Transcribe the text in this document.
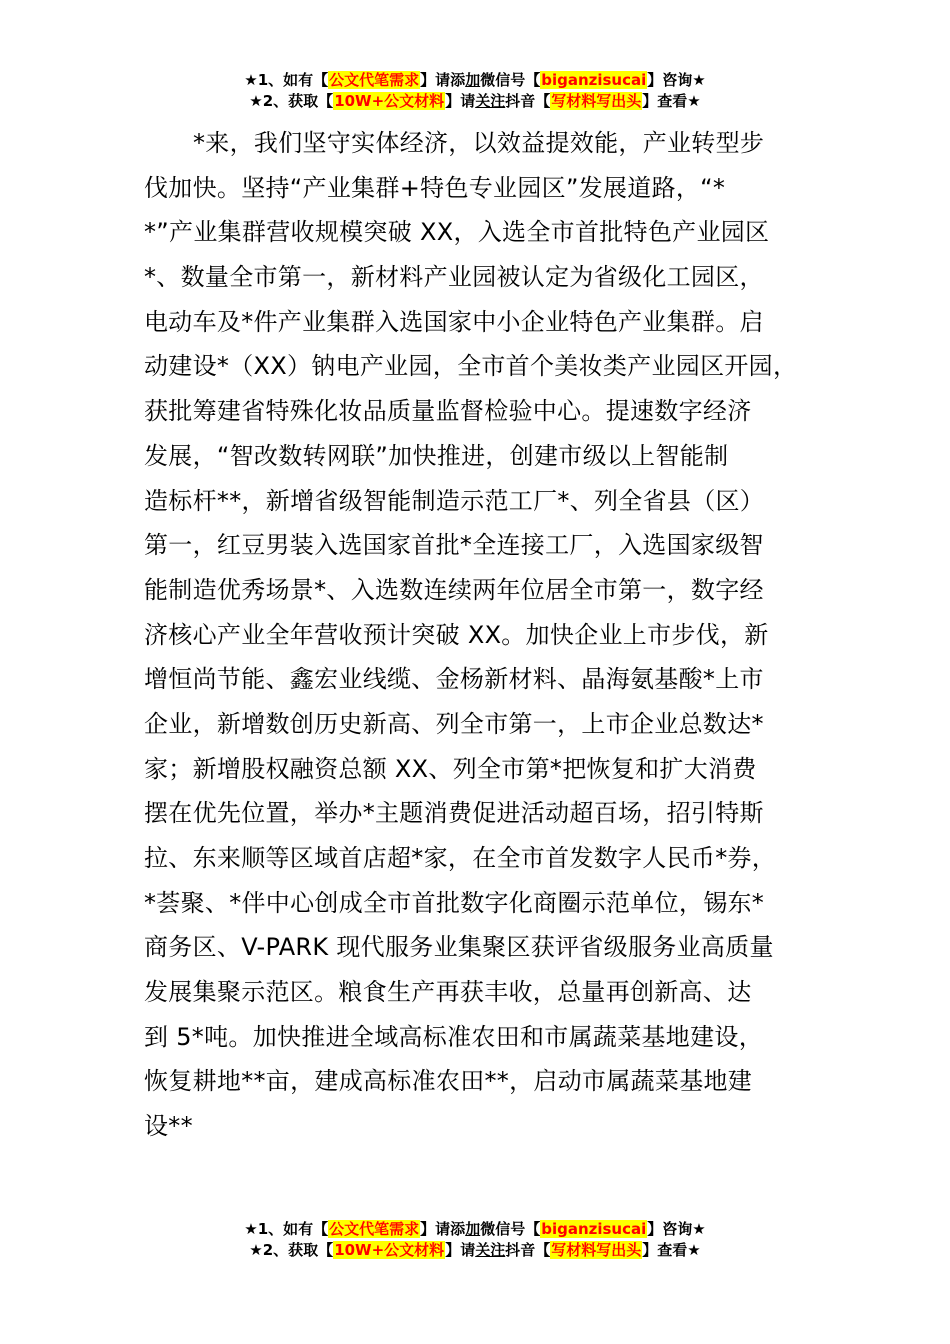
★1、如有【公文代笔需求】请添加微信号【biganzisucai】咨询★
★2、获取【10W+公文材料】请关注抖音【写材料写出头】查看★
*来，我们坚守实体经济，以效益提效能，产业转型步
伐加快。坚持“产业集群+特色专业园区”发展道路，“*
*”产业集群营收规模突破 XX，入选全市首批特色产业园区
*、数量全市第一，新材料产业园被认定为省级化工园区，
电动车及*件产业集群入选国家中小企业特色产业集群。启
动建设*（XX）钠电产业园，全市首个美妆类产业园区开园，
获批筹建省特殊化妆品质量监督检验中心。提速数字经济
发展，“智改数转网联”加快推进，创建市级以上智能制
造标杆**，新增省级智能制造示范工厂*、列全省县（区）
第一，红豆男装入选国家首批*全连接工厂，入选国家级智
能制造优秀场景*、入选数连续两年位居全市第一，数字经
济核心产业全年营收预计突破 XX。加快企业上市步伐，新
增恒尚节能、鑫宏业线缆、金杨新材料、晶海氨基酸*上市
企业，新增数创历史新高、列全市第一，上市企业总数达*
家；新增股权融资总额 XX、列全市第*把恢复和扩大消费
摆在优先位置，举办*主题消费促进活动超百场，招引特斯
拉、东来顺等区域首店超*家，在全市首发数字人民币*券，
*荟聚、*伴中心创成全市首批数字化商圈示范单位，锡东*
商务区、V-PARK 现代服务业集聚区获评省级服务业高质量
发展集聚示范区。粮食生产再获丰收，总量再创新高、达
到 5*吨。加快推进全域高标准农田和市属蔬菜基地建设，
恢复耕地**亩，建成高标准农田**，启动市属蔬菜基地建
设**
★1、如有【公文代笔需求】请添加微信号【biganzisucai】咨询★
★2、获取【10W+公文材料】请关注抖音【写材料写出头】查看★
